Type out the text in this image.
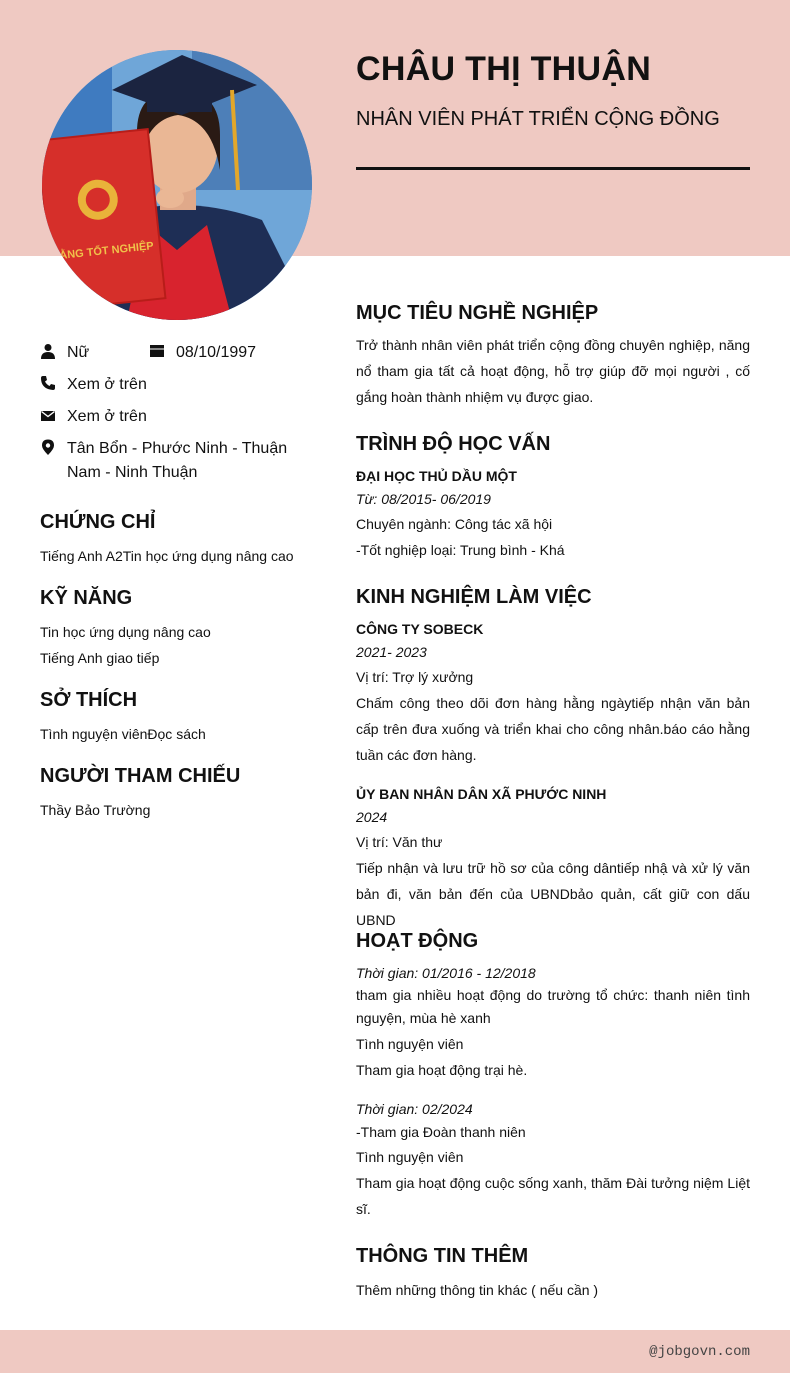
BẰNG TỐT NGHIỆP
CHÂU THỊ THUẬN
NHÂN VIÊN PHÁT TRIỂN CỘNG ĐỒNG
Nữ	08/10/1997
Xem ở trên
Xem ở trên
Tân Bổn - Phước Ninh - Thuận
Nam - Ninh Thuận
CHỨNG CHỈ
Tiếng Anh A2Tin học ứng dụng nâng cao
KỸ NĂNG
Tin học ứng dụng nâng cao
Tiếng Anh giao tiếp
SỞ THÍCH
Tình nguyện viênĐọc sách
NGƯỜI THAM CHIẾU
Thầy Bảo Trường
MỤC TIÊU NGHỀ NGHIỆP

Trở thành nhân viên phát triển cộng đồng chuyên nghiệp, năng nổ tham gia tất cả hoạt động, hỗ trợ giúp đỡ mọi người , cố gắng hoàn thành nhiệm vụ được giao.

TRÌNH ĐỘ HỌC VẤN
ĐẠI HỌC THỦ DẦU MỘT
Từ: 08/2015- 06/2019
Chuyên ngành: Công tác xã hội
-Tốt nghiệp loại: Trung bình - Khá
KINH NGHIỆM LÀM VIỆC
CÔNG TY SOBECK
2021- 2023
Vị trí: Trợ lý xưởng

Chấm công theo dõi đơn hàng hằng ngàytiếp nhận văn bản cấp trên đưa xuống và triển khai cho công nhân.báo cáo hằng tuần các đơn hàng.

ỦY BAN NHÂN DÂN XÃ PHƯỚC NINH
2024
Vị trí: Văn thư

Tiếp nhận và lưu trữ hồ sơ của công dântiếp nhậ và xử lý văn bản đi, văn bản đến của UBNDbảo quản, cất giữ con dấu UBND

HOẠT ĐỘNG
Thời gian: 01/2016 - 12/2018

tham gia nhiều hoạt động do trường tổ chức: thanh niên tình nguyện, mùa hè xanh

Tình nguyện viên
Tham gia hoạt động trại hè.
Thời gian: 02/2024
-Tham gia Đoàn thanh niên
Tình nguyện viên

Tham gia hoạt động cuộc sống xanh, thăm Đài tưởng niệm Liệt sĩ.

THÔNG TIN THÊM
Thêm những thông tin khác ( nếu cần )
@jobgovn.com
